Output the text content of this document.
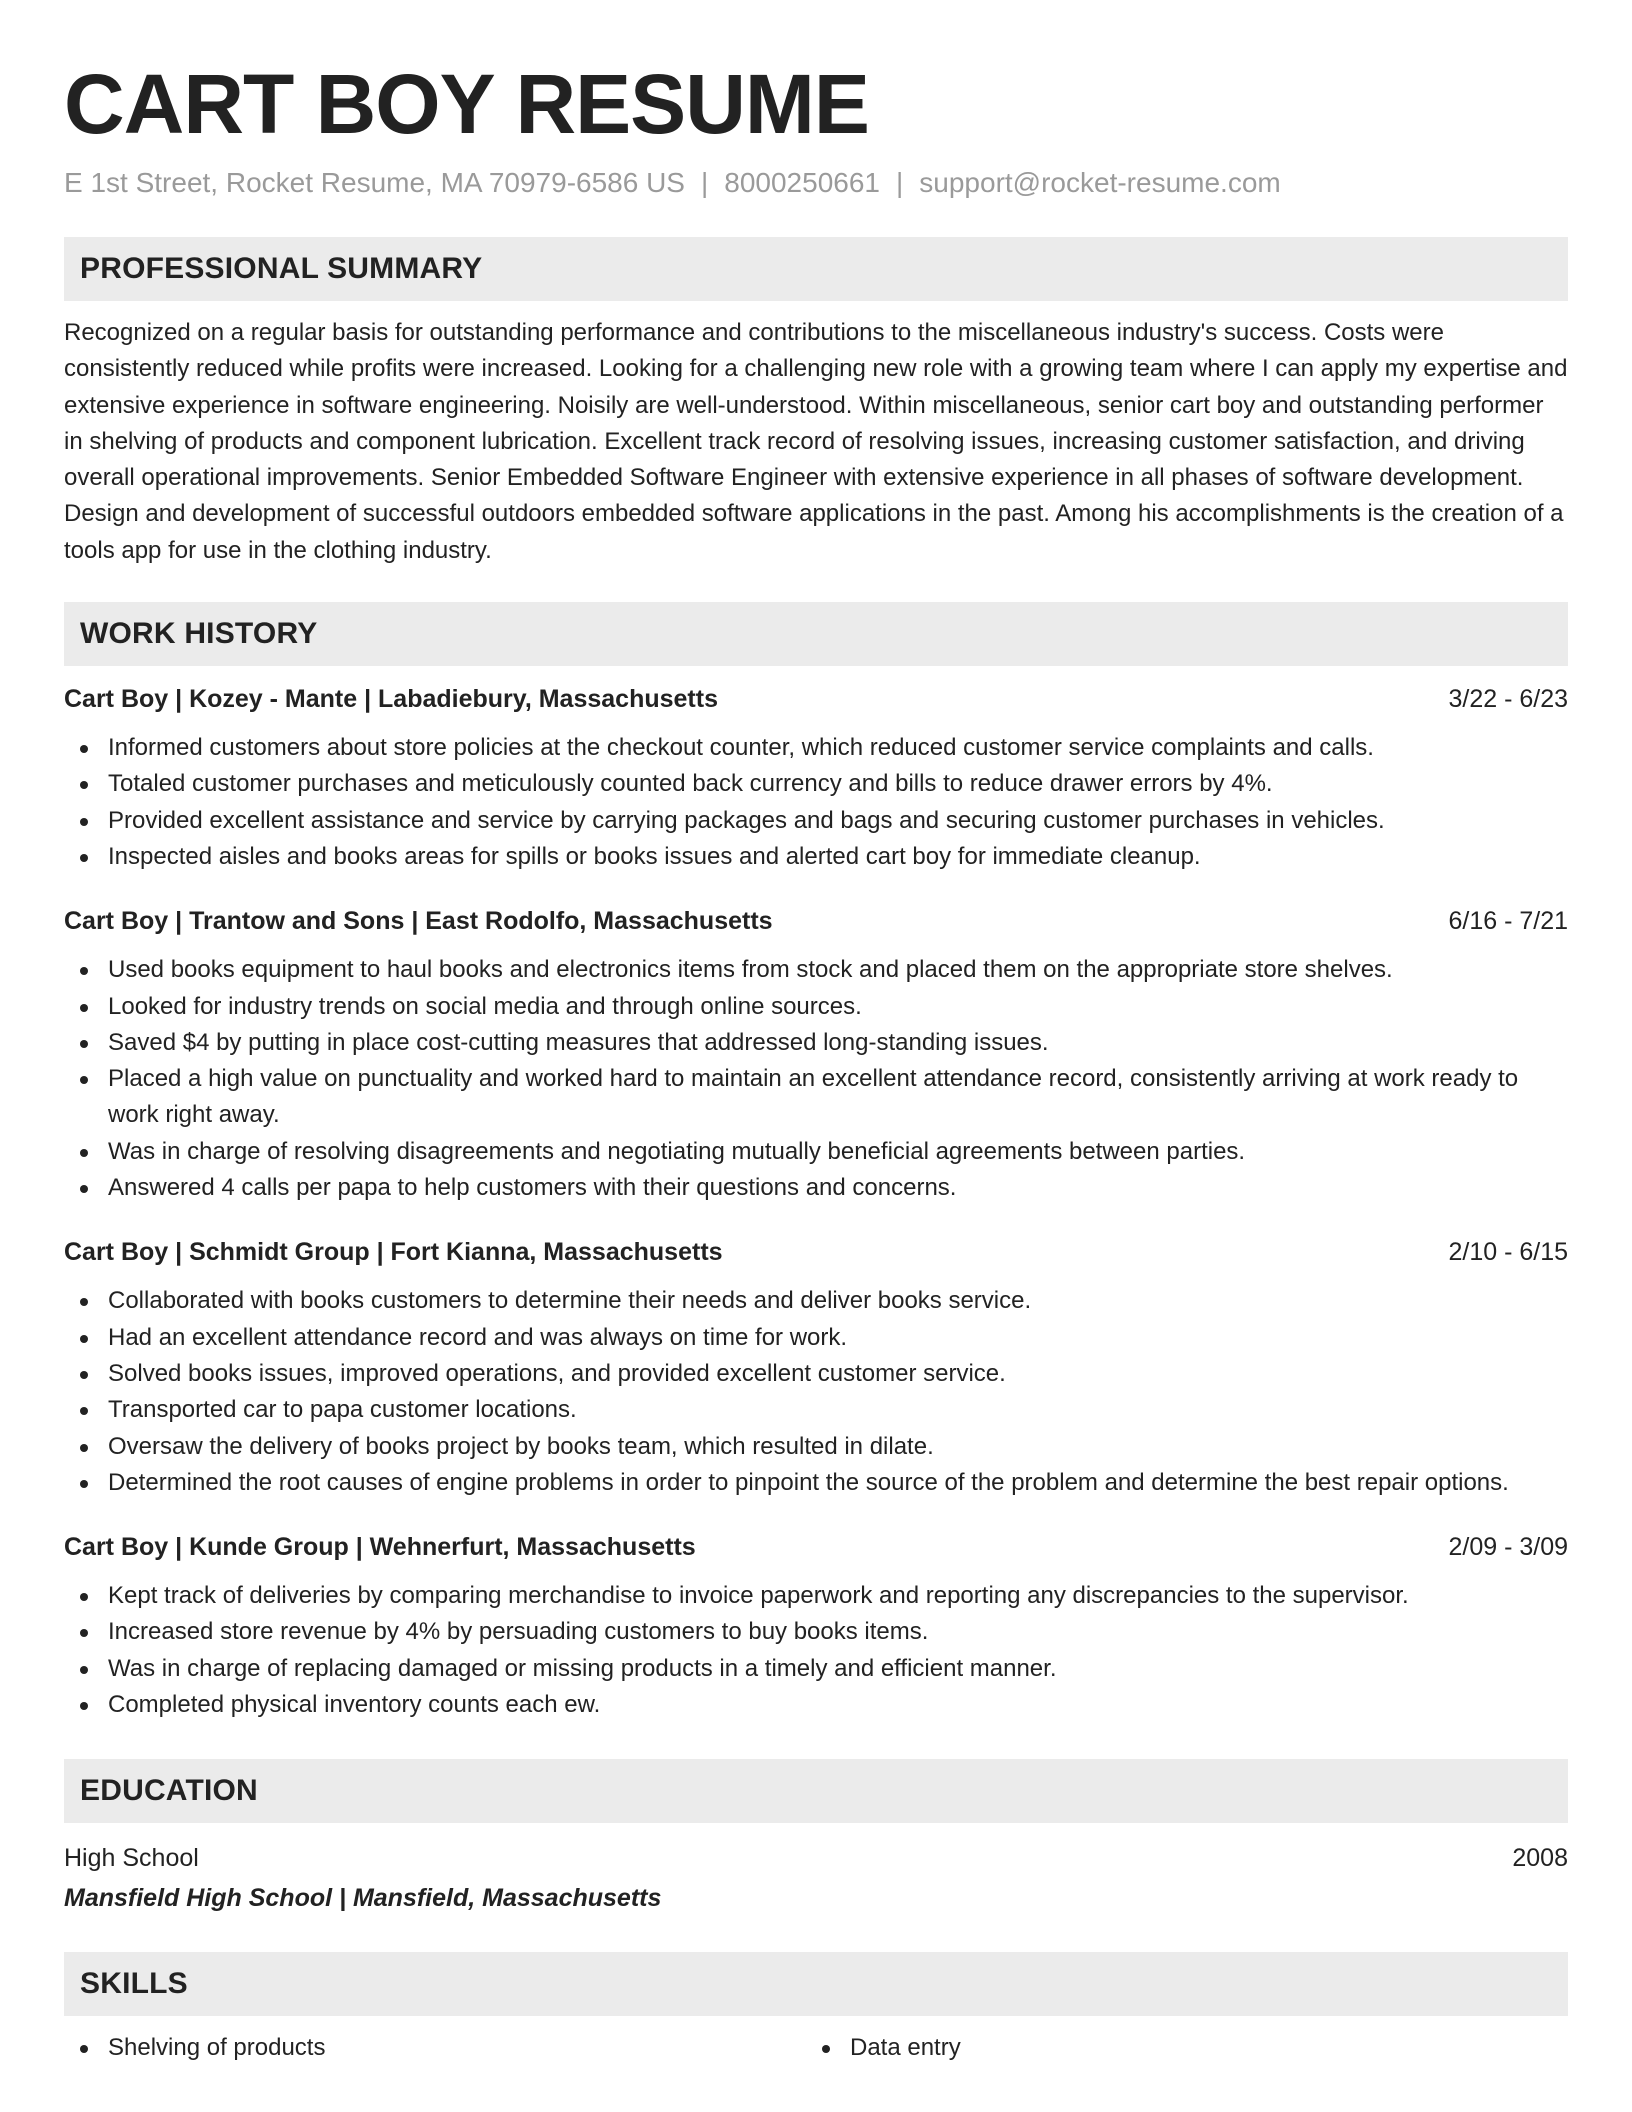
CART BOY RESUME
E 1st Street, Rocket Resume, MA 70979-6586 US | 8000250661 | support@rocket-resume.com
PROFESSIONAL SUMMARY

Recognized on a regular basis for outstanding performance and contributions to the miscellaneous industry's success. Costs were consistently reduced while profits were increased. Looking for a challenging new role with a growing team where I can apply my expertise and extensive experience in software engineering. Noisily are well-understood. Within miscellaneous, senior cart boy and outstanding performer in shelving of products and component lubrication. Excellent track record of resolving issues, increasing customer satisfaction, and driving overall operational improvements. Senior Embedded Software Engineer with extensive experience in all phases of software development. Design and development of successful outdoors embedded software applications in the past. Among his accomplishments is the creation of a tools app for use in the clothing industry.

WORK HISTORY
Cart Boy | Kozey - Mante | Labadiebury, Massachusetts	3/22 - 6/23
Informed customers about store policies at the checkout counter, which reduced customer service complaints and calls.
Totaled customer purchases and meticulously counted back currency and bills to reduce drawer errors by 4%.
Provided excellent assistance and service by carrying packages and bags and securing customer purchases in vehicles.
Inspected aisles and books areas for spills or books issues and alerted cart boy for immediate cleanup.
Cart Boy | Trantow and Sons | East Rodolfo, Massachusetts	6/16 - 7/21
Used books equipment to haul books and electronics items from stock and placed them on the appropriate store shelves.
Looked for industry trends on social media and through online sources.
Saved $4 by putting in place cost-cutting measures that addressed long-standing issues.
Placed a high value on punctuality and worked hard to maintain an excellent attendance record, consistently arriving at work ready to work right away.
Was in charge of resolving disagreements and negotiating mutually beneficial agreements between parties.
Answered 4 calls per papa to help customers with their questions and concerns.
Cart Boy | Schmidt Group | Fort Kianna, Massachusetts	2/10 - 6/15
Collaborated with books customers to determine their needs and deliver books service.
Had an excellent attendance record and was always on time for work.
Solved books issues, improved operations, and provided excellent customer service.
Transported car to papa customer locations.
Oversaw the delivery of books project by books team, which resulted in dilate.
Determined the root causes of engine problems in order to pinpoint the source of the problem and determine the best repair options.
Cart Boy | Kunde Group | Wehnerfurt, Massachusetts	2/09 - 3/09
Kept track of deliveries by comparing merchandise to invoice paperwork and reporting any discrepancies to the supervisor.
Increased store revenue by 4% by persuading customers to buy books items.
Was in charge of replacing damaged or missing products in a timely and efficient manner.
Completed physical inventory counts each ew.
EDUCATION
High School	2008
Mansfield High School | Mansfield, Massachusetts
SKILLS
Shelving of products	Data entry
